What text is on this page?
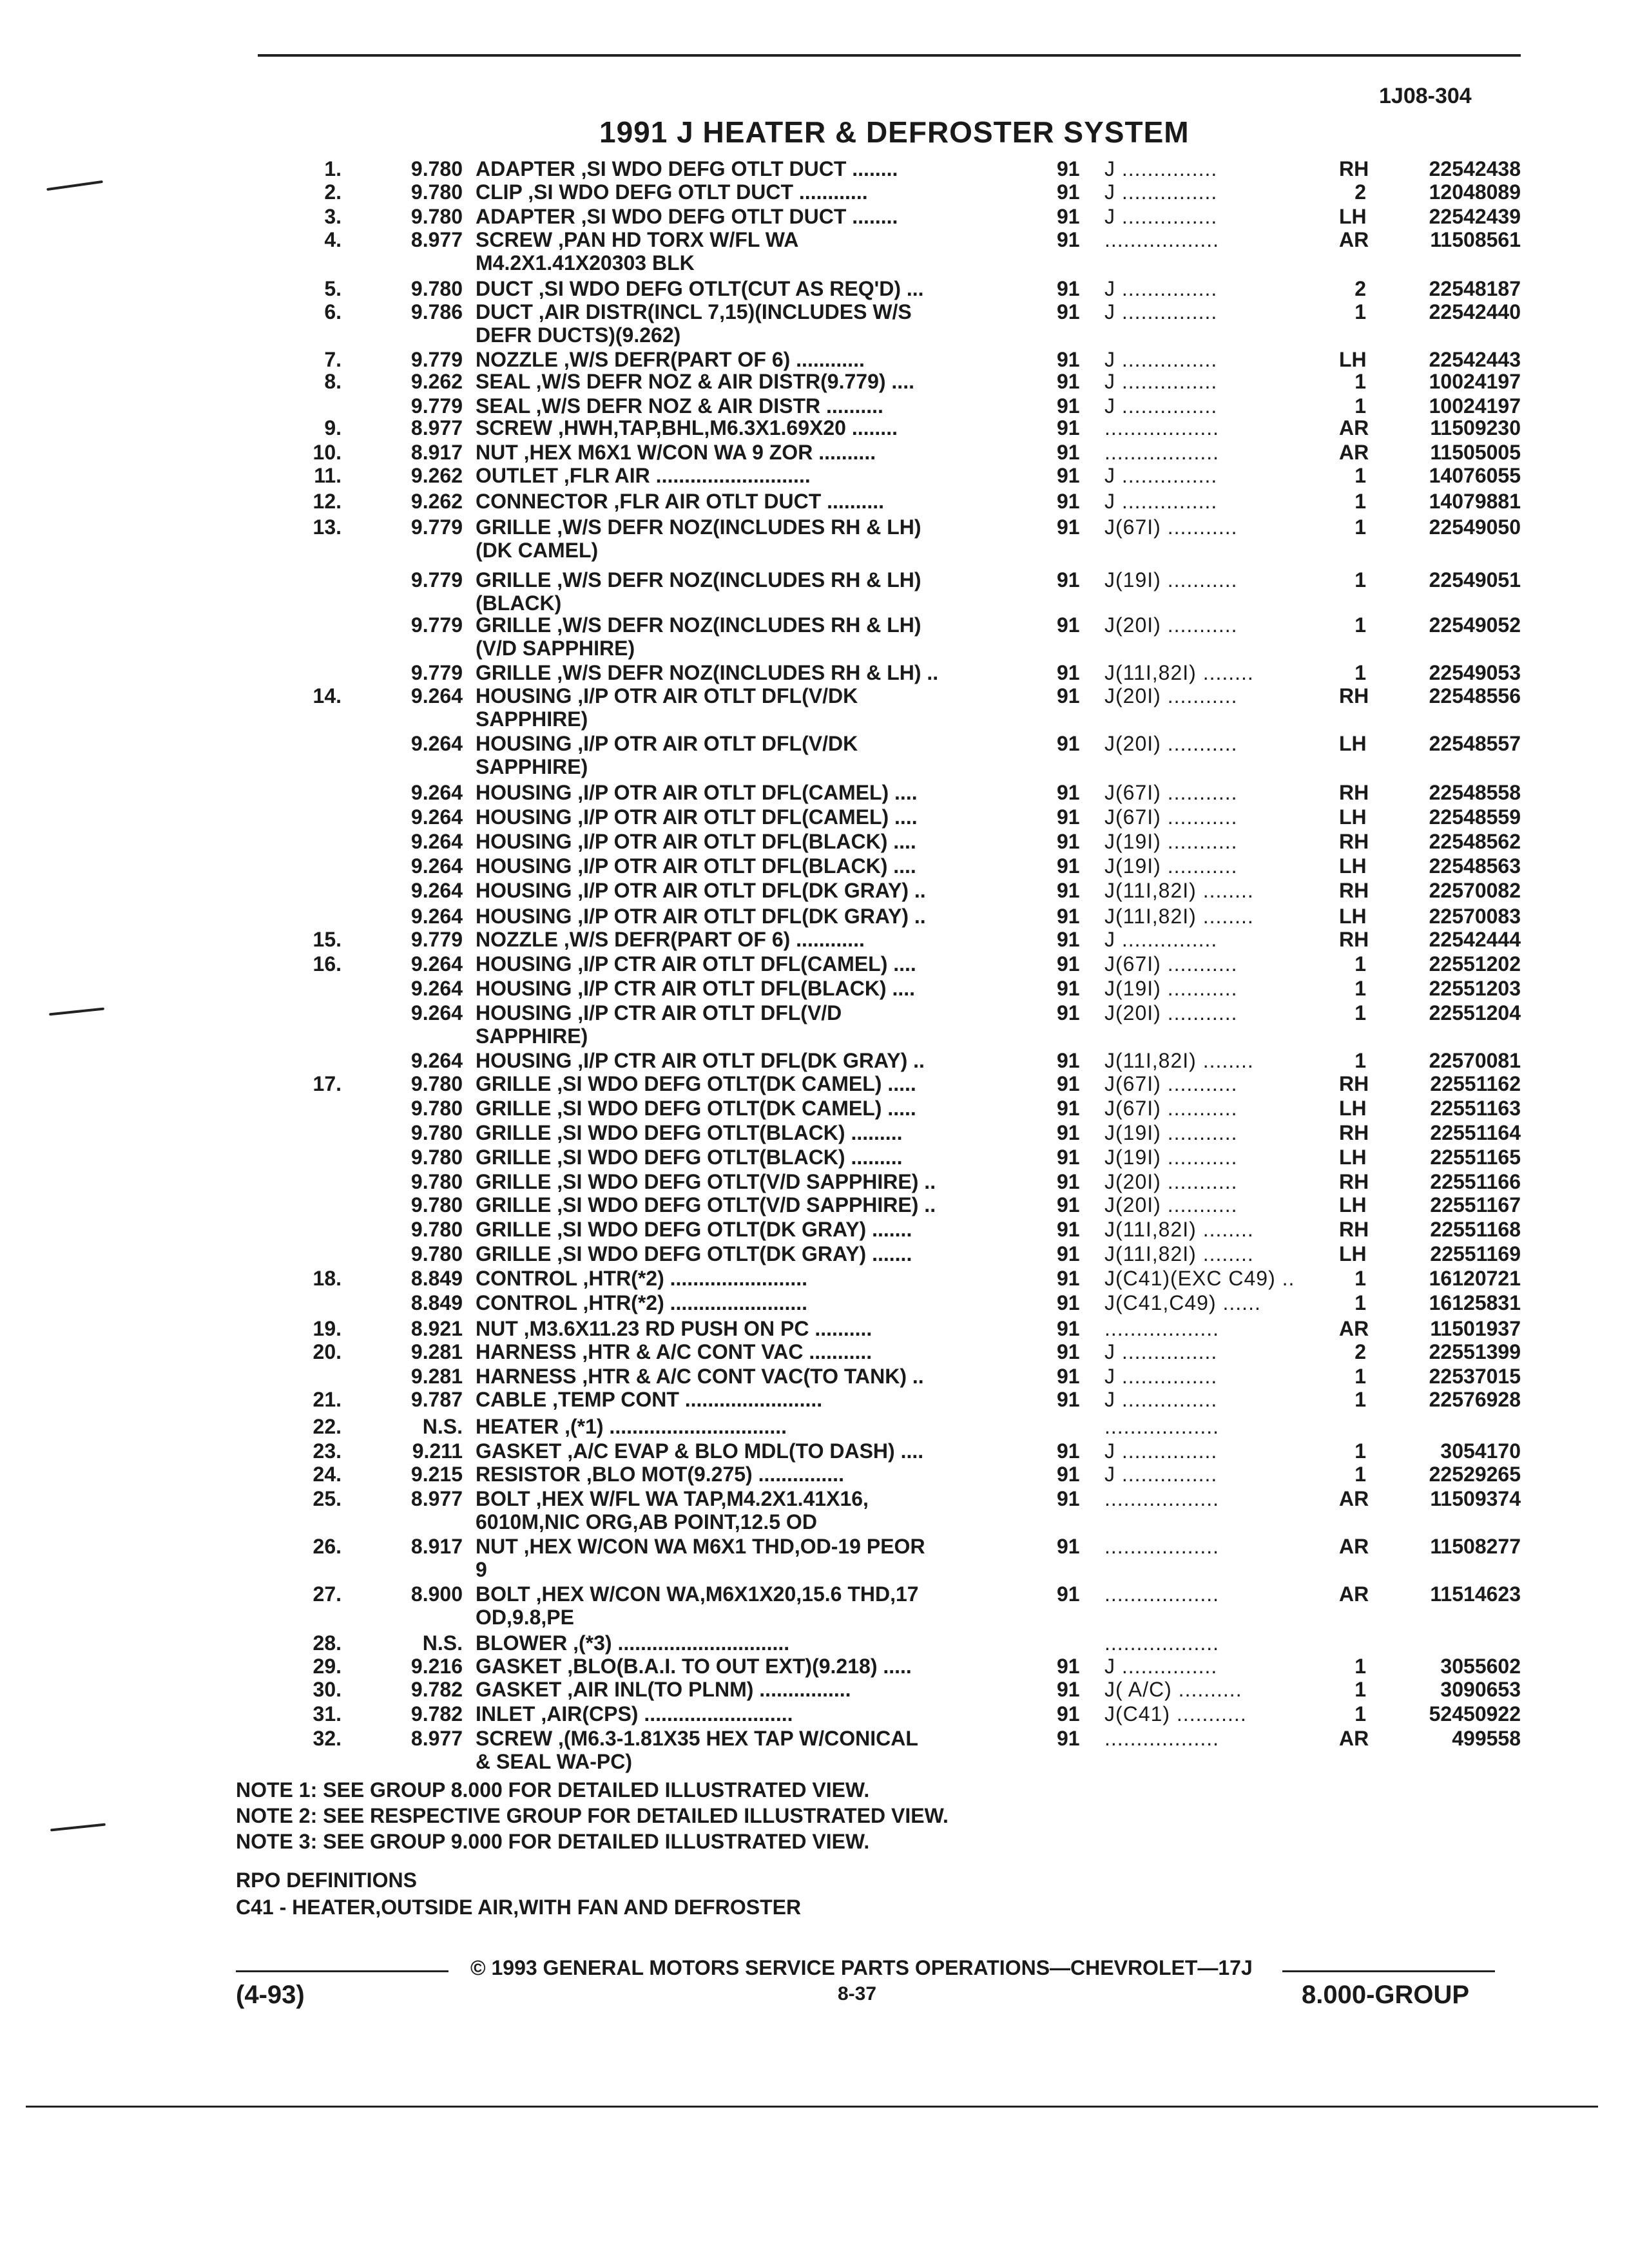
1J08-304
1991 J HEATER & DEFROSTER SYSTEM
1.	9.780 ADAPTER ,SI WDO DEFG OTLT DUCT ........	91 J ...............	RH	22542438
2.	9.780 CLIP ,SI WDO DEFG OTLT DUCT ............	91 J ...............	2	12048089
3.	9.780 ADAPTER ,SI WDO DEFG OTLT DUCT ........	91 J ...............	LH	22542439
4.	8.977 SCREW ,PAN HD TORX W/FL WA	91 ..................	AR	11508561
M4.2X1.41X20303 BLK
5.	9.780 DUCT ,SI WDO DEFG OTLT(CUT AS REQ'D) ...	91 J ...............	2	22548187
6.	9.786 DUCT ,AIR DISTR(INCL 7,15)(INCLUDES W/S	91 J ...............	1	22542440
DEFR DUCTS)(9.262)
7.	9.779 NOZZLE ,W/S DEFR(PART OF 6) ............	91 J ...............	LH	22542443
8.	9.262 SEAL ,W/S DEFR NOZ & AIR DISTR(9.779) ....	91 J ...............	1	10024197
9.779 SEAL ,W/S DEFR NOZ & AIR DISTR ..........	91 J ...............	1	10024197
9.	8.977 SCREW ,HWH,TAP,BHL,M6.3X1.69X20 ........	91 ..................	AR	11509230
10.	8.917 NUT ,HEX M6X1 W/CON WA 9 ZOR ..........	91 ..................	AR	11505005
11.	9.262 OUTLET ,FLR AIR ...........................	91 J ...............	1	14076055
12.	9.262 CONNECTOR ,FLR AIR OTLT DUCT ..........	91 J ...............	1	14079881
13.	9.779 GRILLE ,W/S DEFR NOZ(INCLUDES RH & LH)	91 J(67I) ...........	1	22549050
(DK CAMEL)
9.779 GRILLE ,W/S DEFR NOZ(INCLUDES RH & LH)	91 J(19I) ...........	1	22549051
(BLACK)
9.779 GRILLE ,W/S DEFR NOZ(INCLUDES RH & LH)	91 J(20I) ...........	1	22549052
(V/D SAPPHIRE)
9.779 GRILLE ,W/S DEFR NOZ(INCLUDES RH & LH) ..	91 J(11I,82I) ........	1	22549053
14.	9.264 HOUSING ,I/P OTR AIR OTLT DFL(V/DK	91 J(20I) ...........	RH	22548556
SAPPHIRE)
9.264 HOUSING ,I/P OTR AIR OTLT DFL(V/DK	91 J(20I) ...........	LH	22548557
SAPPHIRE)
9.264 HOUSING ,I/P OTR AIR OTLT DFL(CAMEL) ....	91 J(67I) ...........	RH	22548558
9.264 HOUSING ,I/P OTR AIR OTLT DFL(CAMEL) ....	91 J(67I) ...........	LH	22548559
9.264 HOUSING ,I/P OTR AIR OTLT DFL(BLACK) ....	91 J(19I) ...........	RH	22548562
9.264 HOUSING ,I/P OTR AIR OTLT DFL(BLACK) ....	91 J(19I) ...........	LH	22548563
9.264 HOUSING ,I/P OTR AIR OTLT DFL(DK GRAY) ..	91 J(11I,82I) ........	RH	22570082
9.264 HOUSING ,I/P OTR AIR OTLT DFL(DK GRAY) ..	91 J(11I,82I) ........	LH	22570083
15.	9.779 NOZZLE ,W/S DEFR(PART OF 6) ............	91 J ...............	RH	22542444
16.	9.264 HOUSING ,I/P CTR AIR OTLT DFL(CAMEL) ....	91 J(67I) ...........	1	22551202
9.264 HOUSING ,I/P CTR AIR OTLT DFL(BLACK) ....	91 J(19I) ...........	1	22551203
9.264 HOUSING ,I/P CTR AIR OTLT DFL(V/D	91 J(20I) ...........	1	22551204
SAPPHIRE)
9.264 HOUSING ,I/P CTR AIR OTLT DFL(DK GRAY) ..	91 J(11I,82I) ........	1	22570081
17.	9.780 GRILLE ,SI WDO DEFG OTLT(DK CAMEL) .....	91 J(67I) ...........	RH	22551162
9.780 GRILLE ,SI WDO DEFG OTLT(DK CAMEL) .....	91 J(67I) ...........	LH	22551163
9.780 GRILLE ,SI WDO DEFG OTLT(BLACK) .........	91 J(19I) ...........	RH	22551164
9.780 GRILLE ,SI WDO DEFG OTLT(BLACK) .........	91 J(19I) ...........	LH	22551165
9.780 GRILLE ,SI WDO DEFG OTLT(V/D SAPPHIRE) ..	91 J(20I) ...........	RH	22551166
9.780 GRILLE ,SI WDO DEFG OTLT(V/D SAPPHIRE) ..	91 J(20I) ...........	LH	22551167
9.780 GRILLE ,SI WDO DEFG OTLT(DK GRAY) .......	91 J(11I,82I) ........	RH	22551168
9.780 GRILLE ,SI WDO DEFG OTLT(DK GRAY) .......	91 J(11I,82I) ........	LH	22551169
18.	8.849 CONTROL ,HTR(*2) ........................	91 J(C41)(EXC C49) ..	1	16120721
8.849 CONTROL ,HTR(*2) ........................	91 J(C41,C49) ......	1	16125831
19.	8.921 NUT ,M3.6X11.23 RD PUSH ON PC ..........	91 ..................	AR	11501937
20.	9.281 HARNESS ,HTR & A/C CONT VAC ...........	91 J ...............	2	22551399
9.281 HARNESS ,HTR & A/C CONT VAC(TO TANK) ..	91 J ...............	1	22537015
21.	9.787 CABLE ,TEMP CONT ........................	91 J ...............	1	22576928
22.	N.S. HEATER ,(*1) ...............................	..................
23.	9.211 GASKET ,A/C EVAP & BLO MDL(TO DASH) ....	91 J ...............	1	3054170
24.	9.215 RESISTOR ,BLO MOT(9.275) ...............	91 J ...............	1	22529265
25.	8.977 BOLT ,HEX W/FL WA TAP,M4.2X1.41X16,	91 ..................	AR	11509374
6010M,NIC ORG,AB POINT,12.5 OD
26.	8.917 NUT ,HEX W/CON WA M6X1 THD,OD-19 PEOR	91 ..................	AR	11508277
9
27.	8.900 BOLT ,HEX W/CON WA,M6X1X20,15.6 THD,17	91 ..................	AR	11514623
OD,9.8,PE
28.	N.S. BLOWER ,(*3) ..............................	..................
29.	9.216 GASKET ,BLO(B.A.I. TO OUT EXT)(9.218) .....	91 J ...............	1	3055602
30.	9.782 GASKET ,AIR INL(TO PLNM) ................	91 J( A/C) ..........	1	3090653
31.	9.782 INLET ,AIR(CPS) ..........................	91 J(C41) ...........	1	52450922
32.	8.977 SCREW ,(M6.3-1.81X35 HEX TAP W/CONICAL	91 ..................	AR	499558
& SEAL WA-PC)
NOTE 1: SEE GROUP 8.000 FOR DETAILED ILLUSTRATED VIEW.
NOTE 2: SEE RESPECTIVE GROUP FOR DETAILED ILLUSTRATED VIEW.
NOTE 3: SEE GROUP 9.000 FOR DETAILED ILLUSTRATED VIEW.
RPO DEFINITIONS
C41 - HEATER,OUTSIDE AIR,WITH FAN AND DEFROSTER
© 1993 GENERAL MOTORS SERVICE PARTS OPERATIONS—CHEVROLET—17J
(4-93)	8-37	8.000-GROUP
